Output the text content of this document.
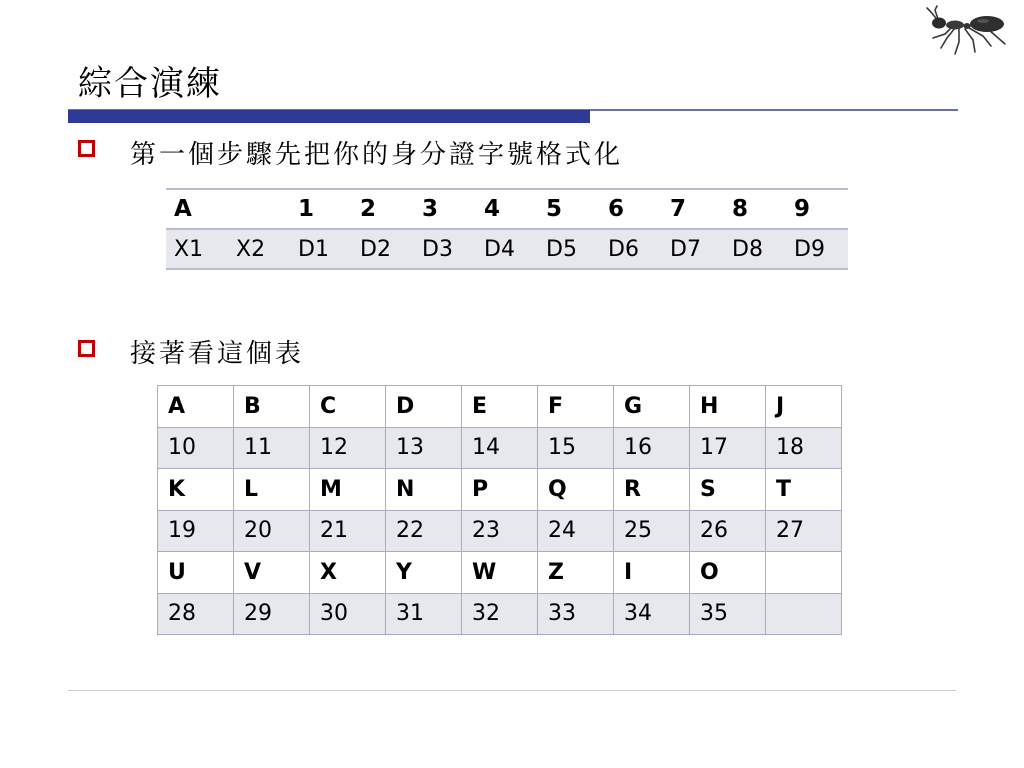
綜合演練
第一個步驟先把你的身分證字號格式化
A		1	2	3	4	5	6	7	8	9
X1	X2	D1	D2	D3	D4	D5	D6	D7	D8	D9
接著看這個表
A	B	C	D	E	F	G	H	J
10	11	12	13	14	15	16	17	18
K	L	M	N	P	Q	R	S	T
19	20	21	22	23	24	25	26	27
U	V	X	Y	W	Z	I	O	
28	29	30	31	32	33	34	35	
